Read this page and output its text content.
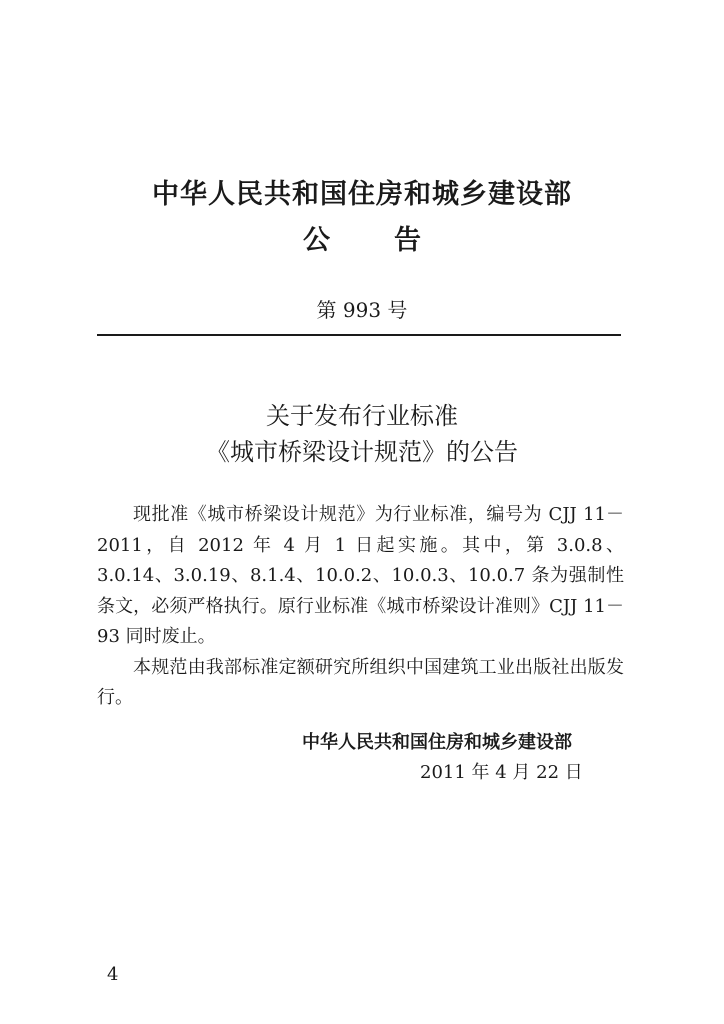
中华人民共和国住房和城乡建设部
公告
第 993 号
关于发布行业标准
《城市桥梁设计规范》的公告

现批准《城市桥梁设计规范》为行业标准，编号为 CJJ 11－2011，自 2012 年 4 月 1 日起实施。其中，第 3.0.8、3.0.14、3.0.19、8.1.4、10.0.2、10.0.3、10.0.7 条为强制性条文，必须严格执行。原行业标准《城市桥梁设计准则》CJJ 11－93 同时废止。

本规范由我部标准定额研究所组织中国建筑工业出版社出版发行。

中华人民共和国住房和城乡建设部
2011 年 4 月 22 日
4
